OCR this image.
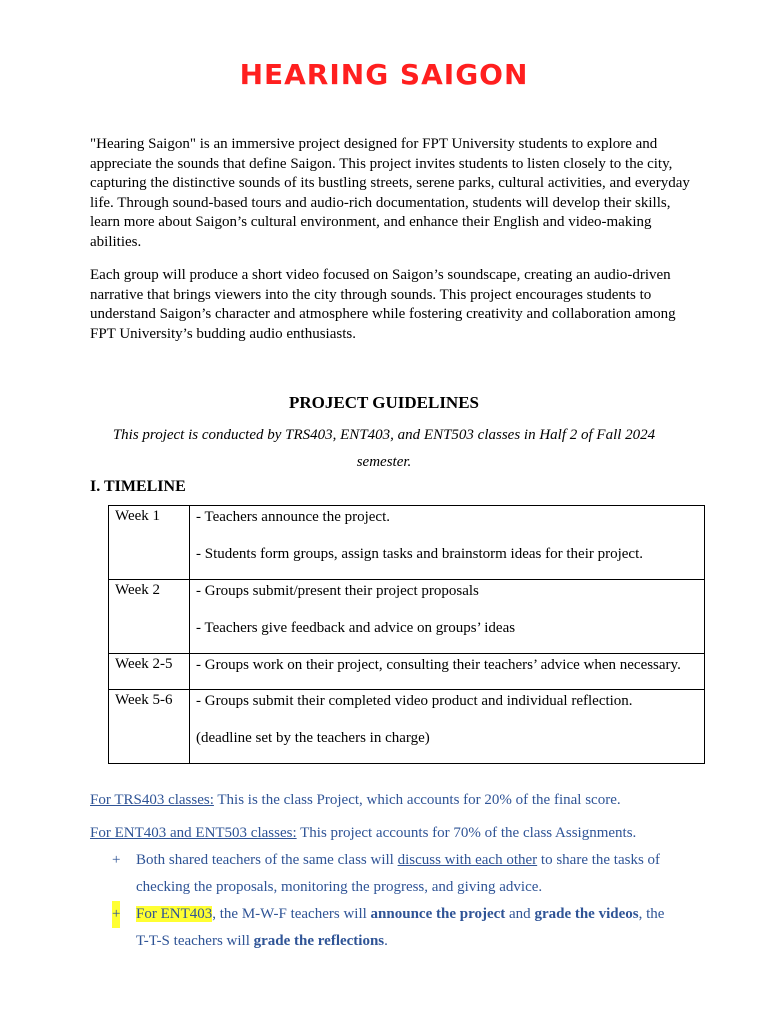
HEARING SAIGON
"Hearing Saigon" is an immersive project designed for FPT University students to explore and appreciate the sounds that define Saigon. This project invites students to listen closely to the city, capturing the distinctive sounds of its bustling streets, serene parks, cultural activities, and everyday life. Through sound-based tours and audio-rich documentation, students will develop their skills, learn more about Saigon’s cultural environment, and enhance their English and video-making abilities.
Each group will produce a short video focused on Saigon’s soundscape, creating an audio-driven narrative that brings viewers into the city through sounds. This project encourages students to understand Saigon’s character and atmosphere while fostering creativity and collaboration among FPT University’s budding audio enthusiasts.
PROJECT GUIDELINES
This project is conducted by TRS403, ENT403, and ENT503 classes in Half 2 of Fall 2024 semester.
I. TIMELINE
Week 1	- Teachers announce the project.

- Students form groups, assign tasks and brainstorm ideas for their project.

Week 2	- Groups submit/present their project proposals

- Teachers give feedback and advice on groups’ ideas

Week 2-5	- Groups work on their project, consulting their teachers’ advice when necessary.

Week 5-6	- Groups submit their completed video product and individual reflection.

(deadline set by the teachers in charge)

For TRS403 classes: This is the class Project, which accounts for 20% of the final score.
For ENT403 and ENT503 classes: This project accounts for 70% of the class Assignments.
+ Both shared teachers of the same class will discuss with each other to share the tasks of checking the proposals, monitoring the progress, and giving advice.
+ For ENT403, the M-W-F teachers will announce the project and grade the videos, the T-T-S teachers will grade the reflections.
